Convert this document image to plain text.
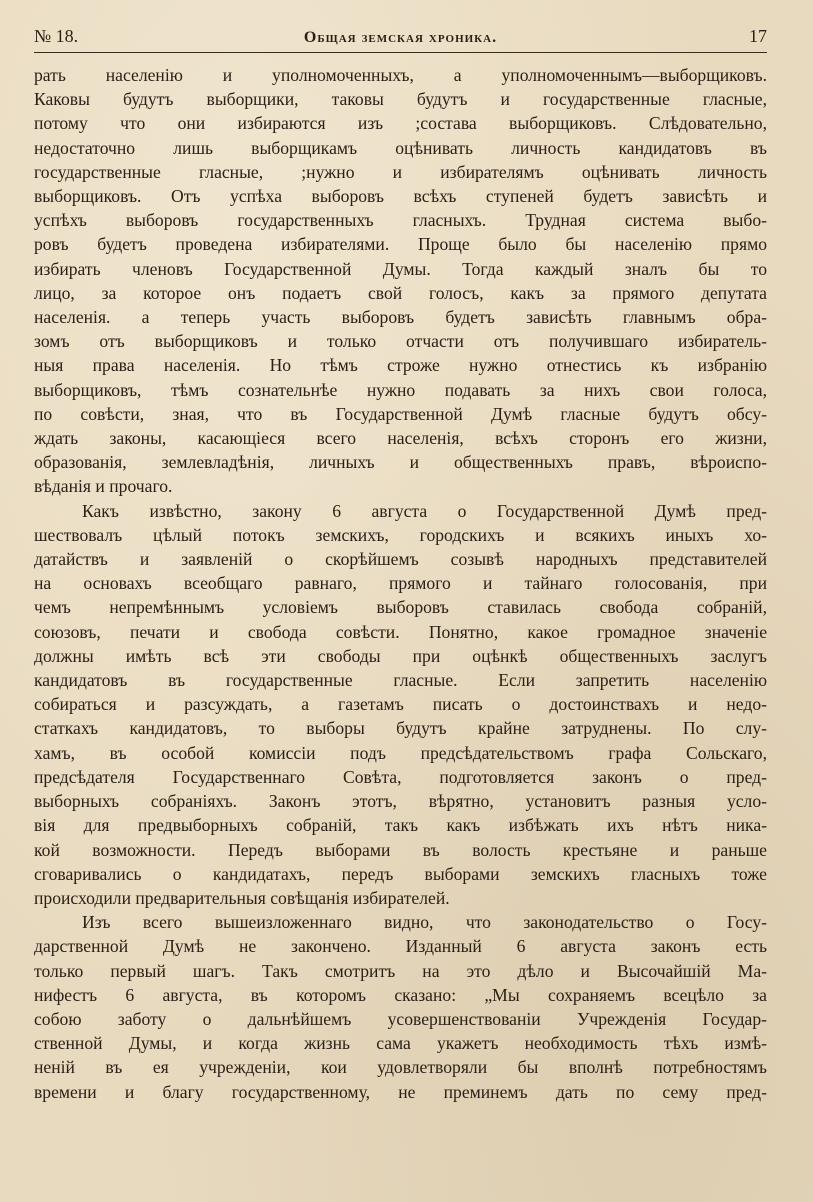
№ 18.	Общая земская хроника.	17
рать населенію и уполномоченныхъ, а уполномоченнымъ—выборщиковъ.
Каковы будутъ выборщики, таковы будутъ и государственные гласные,
потому что они избираются изъ ;состава выборщиковъ. Слѣдовательно,
недостаточно лишь выборщикамъ оцѣнивать личность кандидатовъ въ
государственные гласные, ;нужно и избирателямъ оцѣнивать личность
выборщиковъ. Отъ успѣха выборовъ всѣхъ ступеней будетъ зависѣть и
успѣхъ выборовъ государственныхъ гласныхъ. Трудная система выбо-
ровъ будетъ проведена избирателями. Проще было бы населенію прямо
избирать членовъ Государственной Думы. Тогда каждый зналъ бы то
лицо, за которое онъ подаетъ свой голосъ, какъ за прямого депутата
населенія. а теперь участь выборовъ будетъ зависѣть главнымъ обра-
зомъ отъ выборщиковъ и только отчасти отъ получившаго избиратель-
ныя права населенія. Но тѣмъ строже нужно отнестись къ избранію
выборщиковъ, тѣмъ сознательнѣе нужно подавать за нихъ свои голоса,
по совѣсти, зная, что въ Государственной Думѣ гласные будутъ обсу-
ждать законы, касающіеся всего населенія, всѣхъ сторонъ его жизни,
образованія, землевладѣнія, личныхъ и общественныхъ правъ, вѣроиспо-
вѣданія и прочаго.
Какъ извѣстно, закону 6 августа о Государственной Думѣ пред-
шествовалъ цѣлый потокъ земскихъ, городскихъ и всякихъ иныхъ хо-
датайствъ и заявленій о скорѣйшемъ созывѣ народныхъ представителей
на основахъ всеобщаго равнаго, прямого и тайнаго голосованія, при
чемъ непремѣннымъ условіемъ выборовъ ставилась свобода собраній,
союзовъ, печати и свобода совѣсти. Понятно, какое громадное значеніе
должны имѣть всѣ эти свободы при оцѣнкѣ общественныхъ заслугъ
кандидатовъ въ государственные гласные. Если запретить населенію
собираться и разсуждать, а газетамъ писать о достоинствахъ и недо-
статкахъ кандидатовъ, то выборы будутъ крайне затруднены. По слу-
хамъ, въ особой комиссіи подъ предсѣдательствомъ графа Сольскаго,
предсѣдателя Государственнаго Совѣта, подготовляется законъ о пред-
выборныхъ собраніяхъ. Законъ этотъ, вѣрятно, установитъ разныя усло-
вія для предвыборныхъ собраній, такъ какъ избѣжать ихъ нѣтъ ника-
кой возможности. Передъ выборами въ волость крестьяне и раньше
сговаривались о кандидатахъ, передъ выборами земскихъ гласныхъ тоже
происходили предварительныя совѣщанія избирателей.
Изъ всего вышеизложеннаго видно, что законодательство о Госу-
дарственной Думѣ не закончено. Изданный 6 августа законъ есть
только первый шагъ. Такъ смотритъ на это дѣло и Высочайшій Ма-
нифестъ 6 августа, въ которомъ сказано: „Мы сохраняемъ всецѣло за
собою заботу о дальнѣйшемъ усовершенствованіи Учрежденія Государ-
ственной Думы, и когда жизнь сама укажетъ необходимость тѣхъ измѣ-
неній въ ея учрежденіи, кои удовлетворяли бы вполнѣ потребностямъ
времени и благу государственному, не преминемъ дать по сему пред-
